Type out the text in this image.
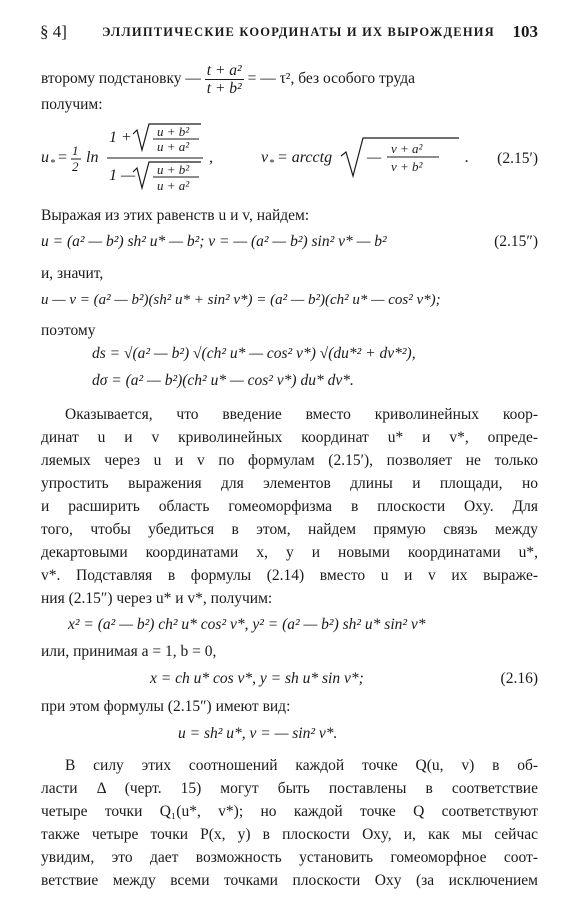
§ 4]	ЭЛЛИПТИЧЕСКИЕ КООРДИНАТЫ И ИХ ВЫРОЖДЕНИЯ 103
второму подстановку — $\frac{\text{t + a²}}{\text{t + b²}}$ = — τ², без особого труда
получим:
u * = 1
2
ln
1 + u + b²
u + a²
1 — u + b²
u + a²
,	v * = arcctg —
v + a²
v + b²
. (2.15′)
Выражая из этих равенств u и v, найдем:
u = (a² — b²) sh² u* — b²; v = — (a² — b²) sin² v* — b²	(2.15″)
и, значит,
u — v = (a² — b²)(sh² u* + sin² v*) = (a² — b²)(ch² u* — cos² v*);
поэтому
ds = √(a² — b²) √(ch² u* — cos² v*) √(du*² + dv*²),
dσ = (a² — b²)(ch² u* — cos² v*) du* dv*.
Оказывается, что введение вместо криволинейных коор-
динат u и v криволинейных координат u* и v*, опреде-
ляемых через u и v по формулам (2.15′), позволяет не только
упростить выражения для элементов длины и площади, но
и расширить область гомеоморфизма в плоскости Oxy. Для
того, чтобы убедиться в этом, найдем прямую связь между
декартовыми координатами x, y и новыми координатами u*,
v*. Подставляя в формулы (2.14) вместо u и v их выраже-
ния (2.15″) через u* и v*, получим:
x² = (a² — b²) ch² u* cos² v*, y² = (a² — b²) sh² u* sin² v*
или, принимая a = 1, b = 0,
x = ch u* cos v*, y = sh u* sin v*;	(2.16)
при этом формулы (2.15″) имеют вид:
u = sh² u*, v = — sin² v*.
В силу этих соотношений каждой точке Q(u, v) в об-
ласти Δ (черт. 15) могут быть поставлены в соответствие
четыре точки Q₁(u*, v*); но каждой точке Q соответствуют
также четыре точки P(x, y) в плоскости Oxy, и, как мы сейчас
увидим, это дает возможность установить гомеоморфное соот-
ветствие между всеми точками плоскости Oxy (за исключением
